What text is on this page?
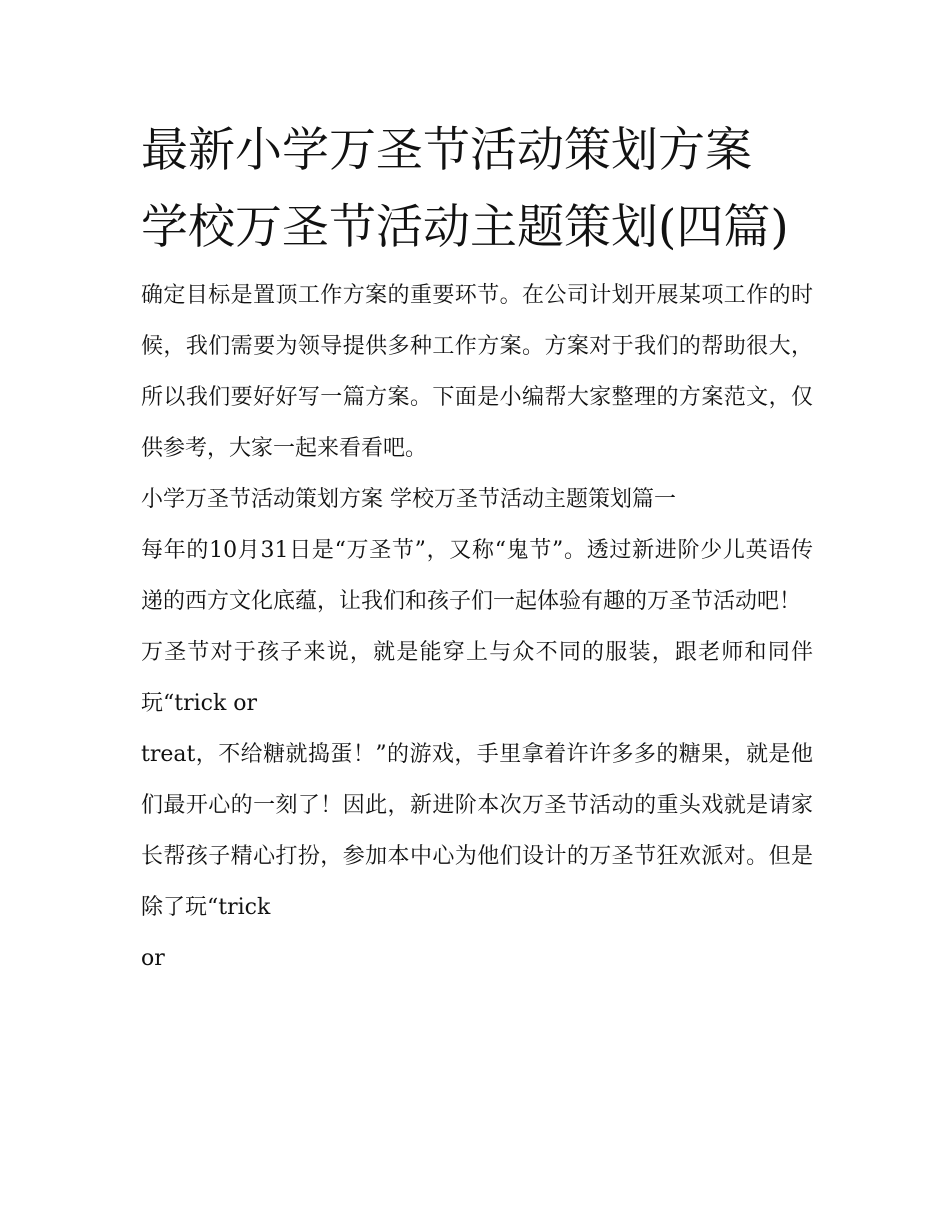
最新小学万圣节活动策划方案 学校万圣节活动主题策划(四篇)

确定目标是置顶工作方案的重要环节。在公司计划开展某项工作的时候，我们需要为领导提供多种工作方案。方案对于我们的帮助很大，所以我们要好好写一篇方案。下面是小编帮大家整理的方案范文，仅供参考，大家一起来看看吧。

小学万圣节活动策划方案 学校万圣节活动主题策划篇一

每年的10月31日是“万圣节”，又称“鬼节”。透过新进阶少儿英语传递的西方文化底蕴，让我们和孩子们一起体验有趣的万圣节活动吧！

万圣节对于孩子来说，就是能穿上与众不同的服装，跟老师和同伴玩“trick or

treat，不给糖就捣蛋！”的游戏，手里拿着许许多多的糖果，就是他们最开心的一刻了！因此，新进阶本次万圣节活动的重头戏就是请家长帮孩子精心打扮，参加本中心为他们设计的万圣节狂欢派对。但是除了玩“trick

or
